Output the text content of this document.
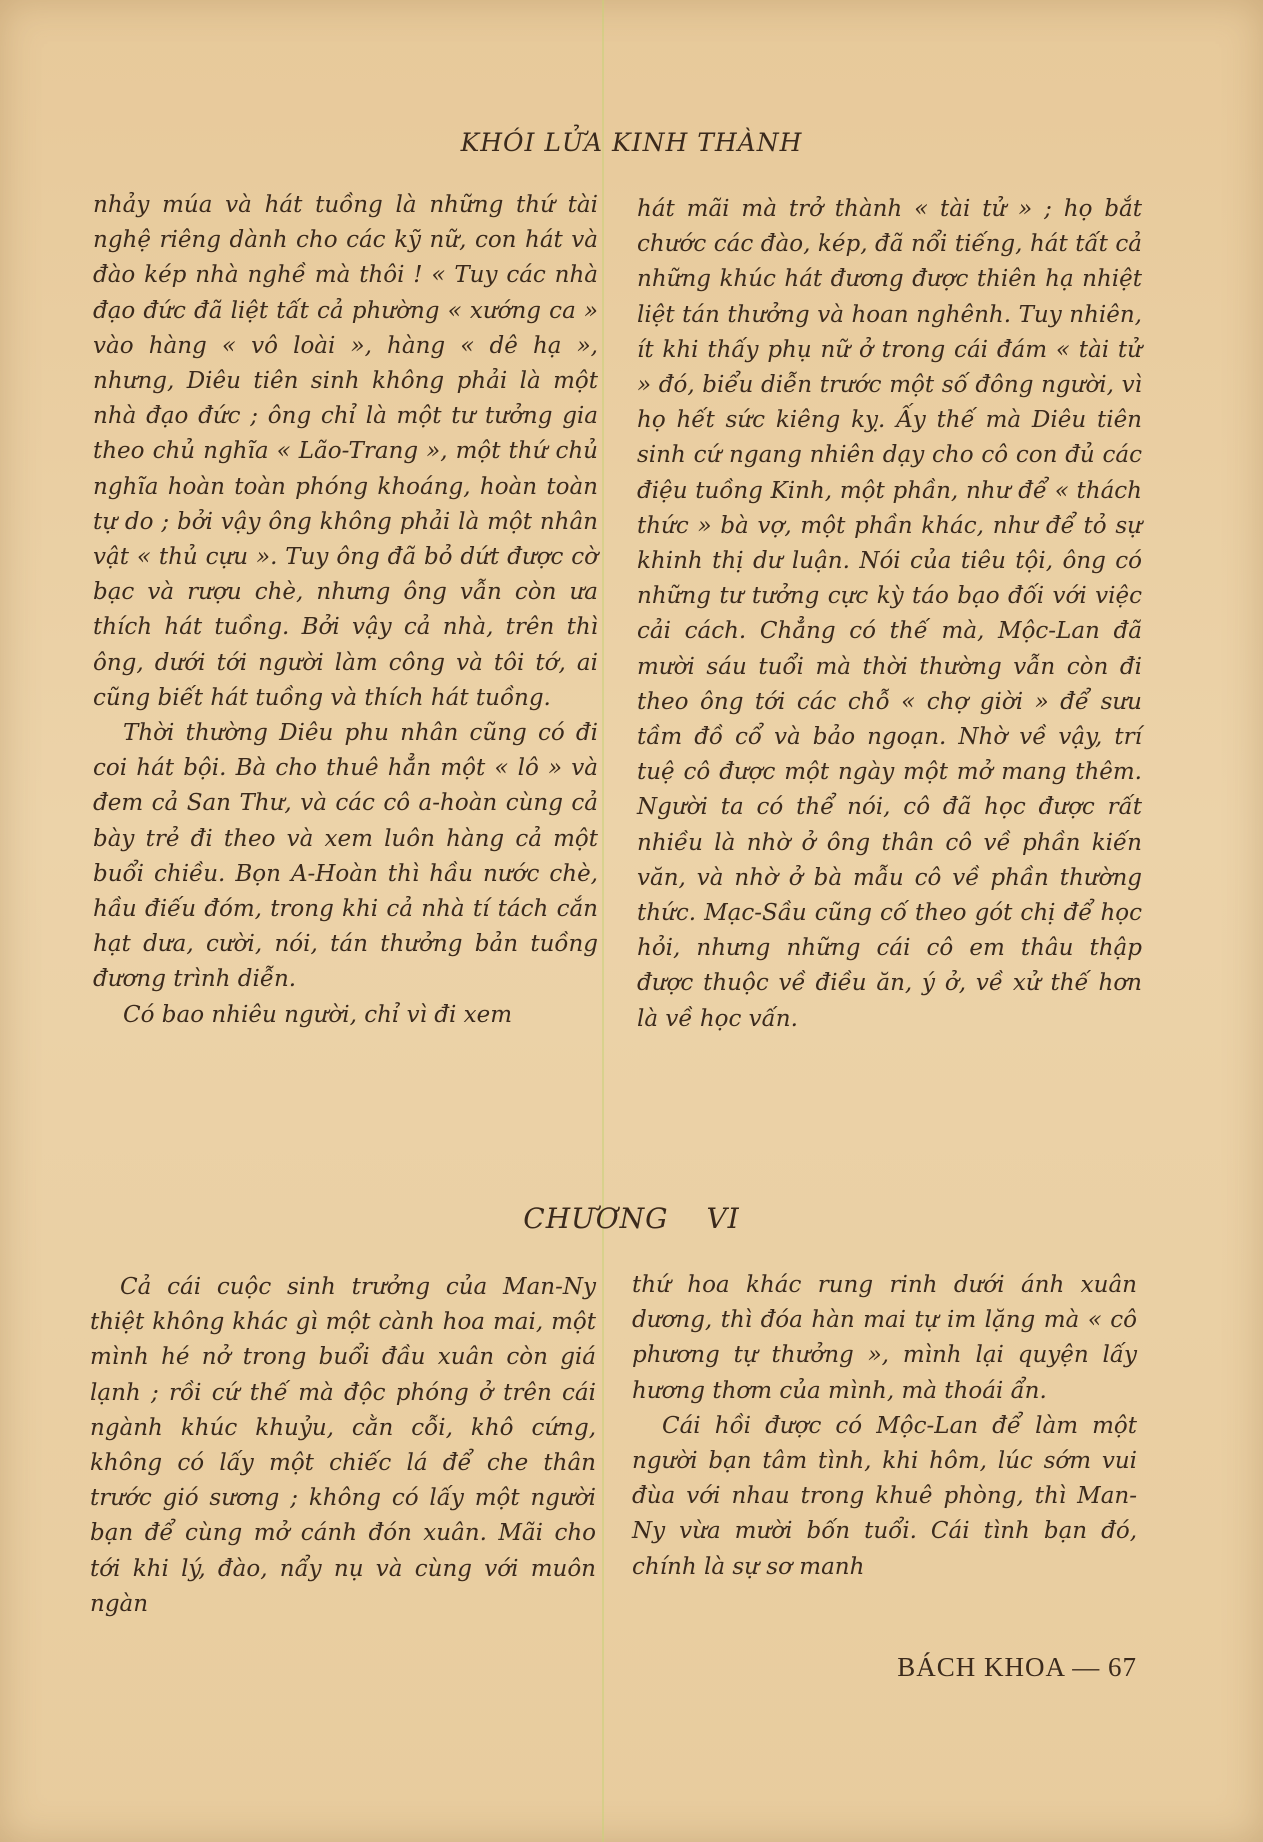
KHÓI LỬA KINH THÀNH

nhảy múa và hát tuồng là những thứ tài nghệ riêng dành cho các kỹ nữ, con hát và đào kép nhà nghề mà thôi ! « Tuy các nhà đạo đức đã liệt tất cả phường « xướng ca » vào hàng « vô loài », hàng « dê hạ », nhưng, Diêu tiên sinh không phải là một nhà đạo đức ; ông chỉ là một tư tưởng gia theo chủ nghĩa « Lão-Trang », một thứ chủ nghĩa hoàn toàn phóng khoáng, hoàn toàn tự do ; bởi vậy ông không phải là một nhân vật « thủ cựu ». Tuy ông đã bỏ dứt được cờ bạc và rượu chè, nhưng ông vẫn còn ưa thích hát tuồng. Bởi vậy cả nhà, trên thì ông, dưới tới người làm công và tôi tớ, ai cũng biết hát tuồng và thích hát tuồng.

Thời thường Diêu phu nhân cũng có đi coi hát bội. Bà cho thuê hẳn một « lô » và đem cả San Thư, và các cô a-hoàn cùng cả bày trẻ đi theo và xem luôn hàng cả một buổi chiều. Bọn A-Hoàn thì hầu nước chè, hầu điếu đóm, trong khi cả nhà tí tách cắn hạt dưa, cười, nói, tán thưởng bản tuồng đương trình diễn.

Có bao nhiêu người, chỉ vì đi xem

hát mãi mà trở thành « tài tử » ; họ bắt chước các đào, kép, đã nổi tiếng, hát tất cả những khúc hát đương được thiên hạ nhiệt liệt tán thưởng và hoan nghênh. Tuy nhiên, ít khi thấy phụ nữ ở trong cái đám « tài tử » đó, biểu diễn trước một số đông người, vì họ hết sức kiêng kỵ. Ấy thế mà Diêu tiên sinh cứ ngang nhiên dạy cho cô con đủ các điệu tuồng Kinh, một phần, như để « thách thức » bà vợ, một phần khác, như để tỏ sự khinh thị dư luận. Nói của tiêu tội, ông có những tư tưởng cực kỳ táo bạo đối với việc cải cách. Chẳng có thế mà, Mộc-Lan đã mười sáu tuổi mà thời thường vẫn còn đi theo ông tới các chỗ « chợ giời » để sưu tầm đồ cổ và bảo ngoạn. Nhờ về vậy, trí tuệ cô được một ngày một mở mang thêm. Người ta có thể nói, cô đã học được rất nhiều là nhờ ở ông thân cô về phần kiến văn, và nhờ ở bà mẫu cô về phần thường thức. Mạc-Sầu cũng cố theo gót chị để học hỏi, nhưng những cái cô em thâu thập được thuộc về điều ăn, ý ở, về xử thế hơn là về học vấn.

CHƯƠNG VI

Cả cái cuộc sinh trưởng của Man-Ny thiệt không khác gì một cành hoa mai, một mình hé nở trong buổi đầu xuân còn giá lạnh ; rồi cứ thế mà độc phóng ở trên cái ngành khúc khuỷu, cằn cỗi, khô cứng, không có lấy một chiếc lá để che thân trước gió sương ; không có lấy một người bạn để cùng mở cánh đón xuân. Mãi cho tới khi lý, đào, nẩy nụ và cùng với muôn ngàn

thứ hoa khác rung rinh dưới ánh xuân dương, thì đóa hàn mai tự im lặng mà « cô phương tự thưởng », mình lại quyện lấy hương thơm của mình, mà thoái ẩn.

Cái hồi được có Mộc-Lan để làm một người bạn tâm tình, khi hôm, lúc sớm vui đùa với nhau trong khuê phòng, thì Man-Ny vừa mười bốn tuổi. Cái tình bạn đó, chính là sự sơ manh

BÁCH KHOA — 67
